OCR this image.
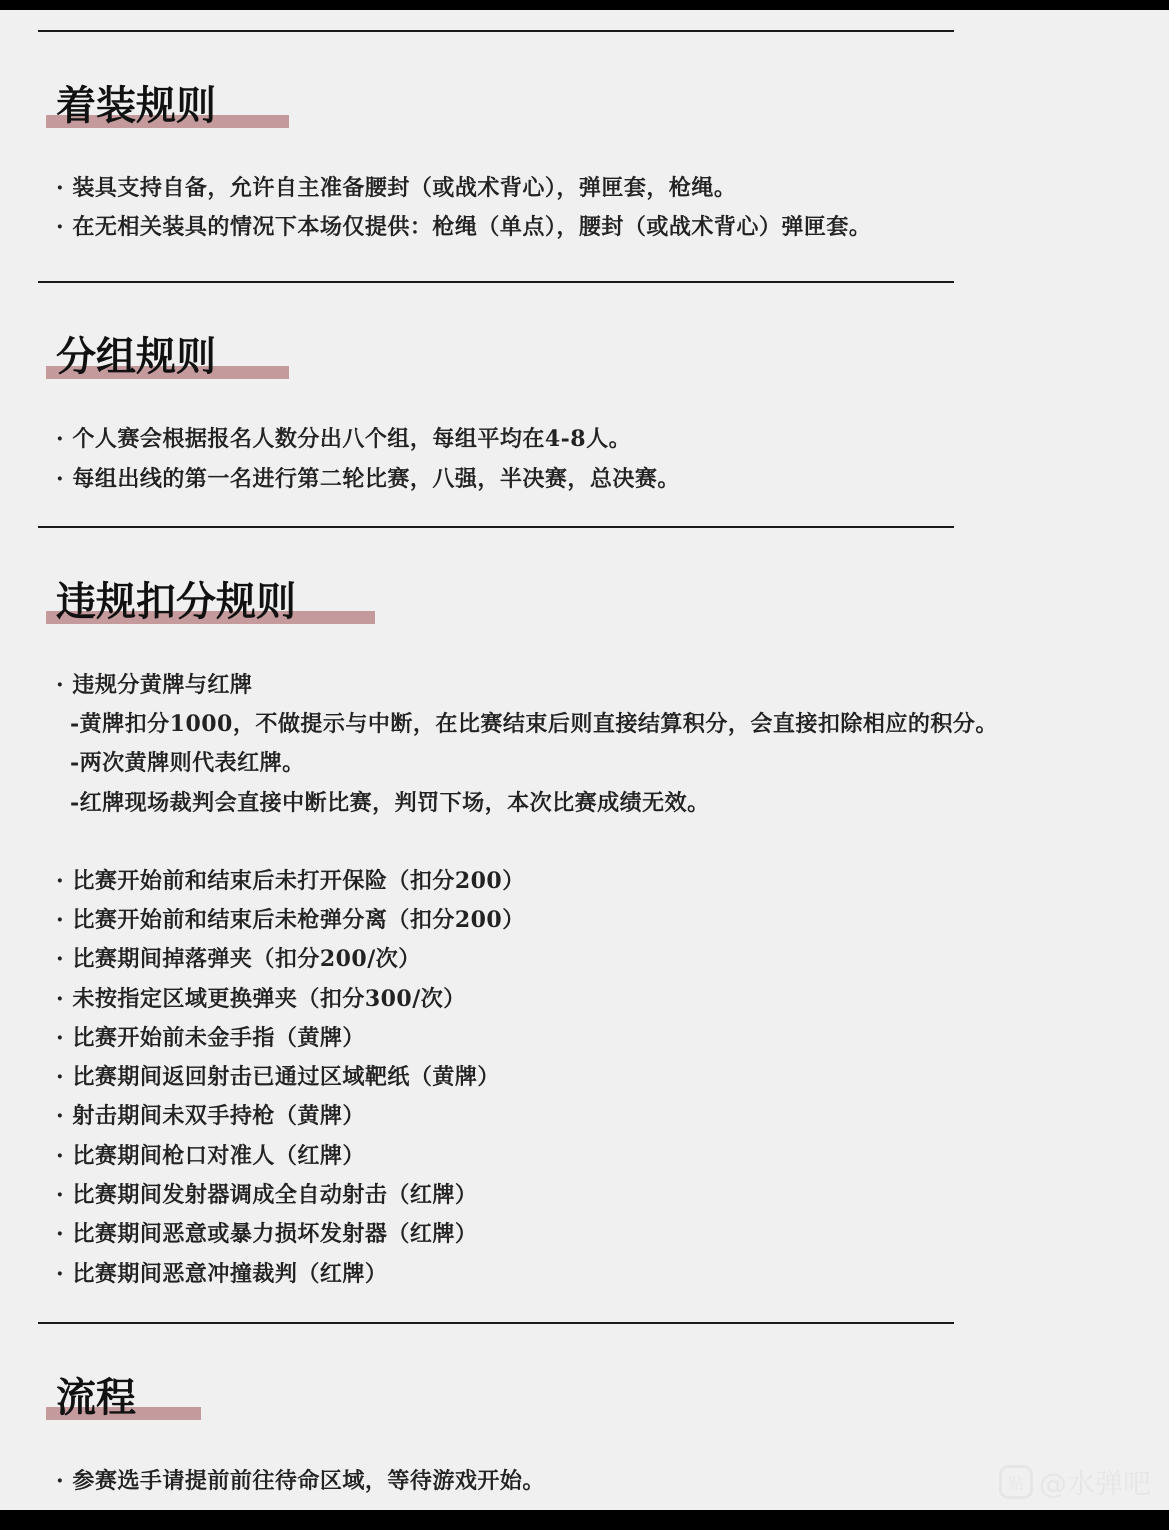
着装规则
· 装具支持自备，允许自主准备腰封（或战术背心），弹匣套，枪绳。
· 在无相关装具的情况下本场仅提供：枪绳（单点），腰封（或战术背心）弹匣套。
分组规则
· 个人赛会根据报名人数分出八个组，每组平均在4-8人。
· 每组出线的第一名进行第二轮比赛，八强，半决赛，总决赛。
违规扣分规则
· 违规分黄牌与红牌
-黄牌扣分1000，不做提示与中断，在比赛结束后则直接结算积分，会直接扣除相应的积分。
-两次黄牌则代表红牌。
-红牌现场裁判会直接中断比赛，判罚下场，本次比赛成绩无效。
· 比赛开始前和结束后未打开保险（扣分200）
· 比赛开始前和结束后未枪弹分离（扣分200）
· 比赛期间掉落弹夹（扣分200/次）
· 未按指定区域更换弹夹（扣分300/次）
· 比赛开始前未金手指（黄牌）
· 比赛期间返回射击已通过区域靶纸（黄牌）
· 射击期间未双手持枪（黄牌）
· 比赛期间枪口对准人（红牌）
· 比赛期间发射器调成全自动射击（红牌）
· 比赛期间恶意或暴力损坏发射器（红牌）
· 比赛期间恶意冲撞裁判（红牌）
流程
· 参赛选手请提前前往待命区域，等待游戏开始。	贴 @水弹吧
